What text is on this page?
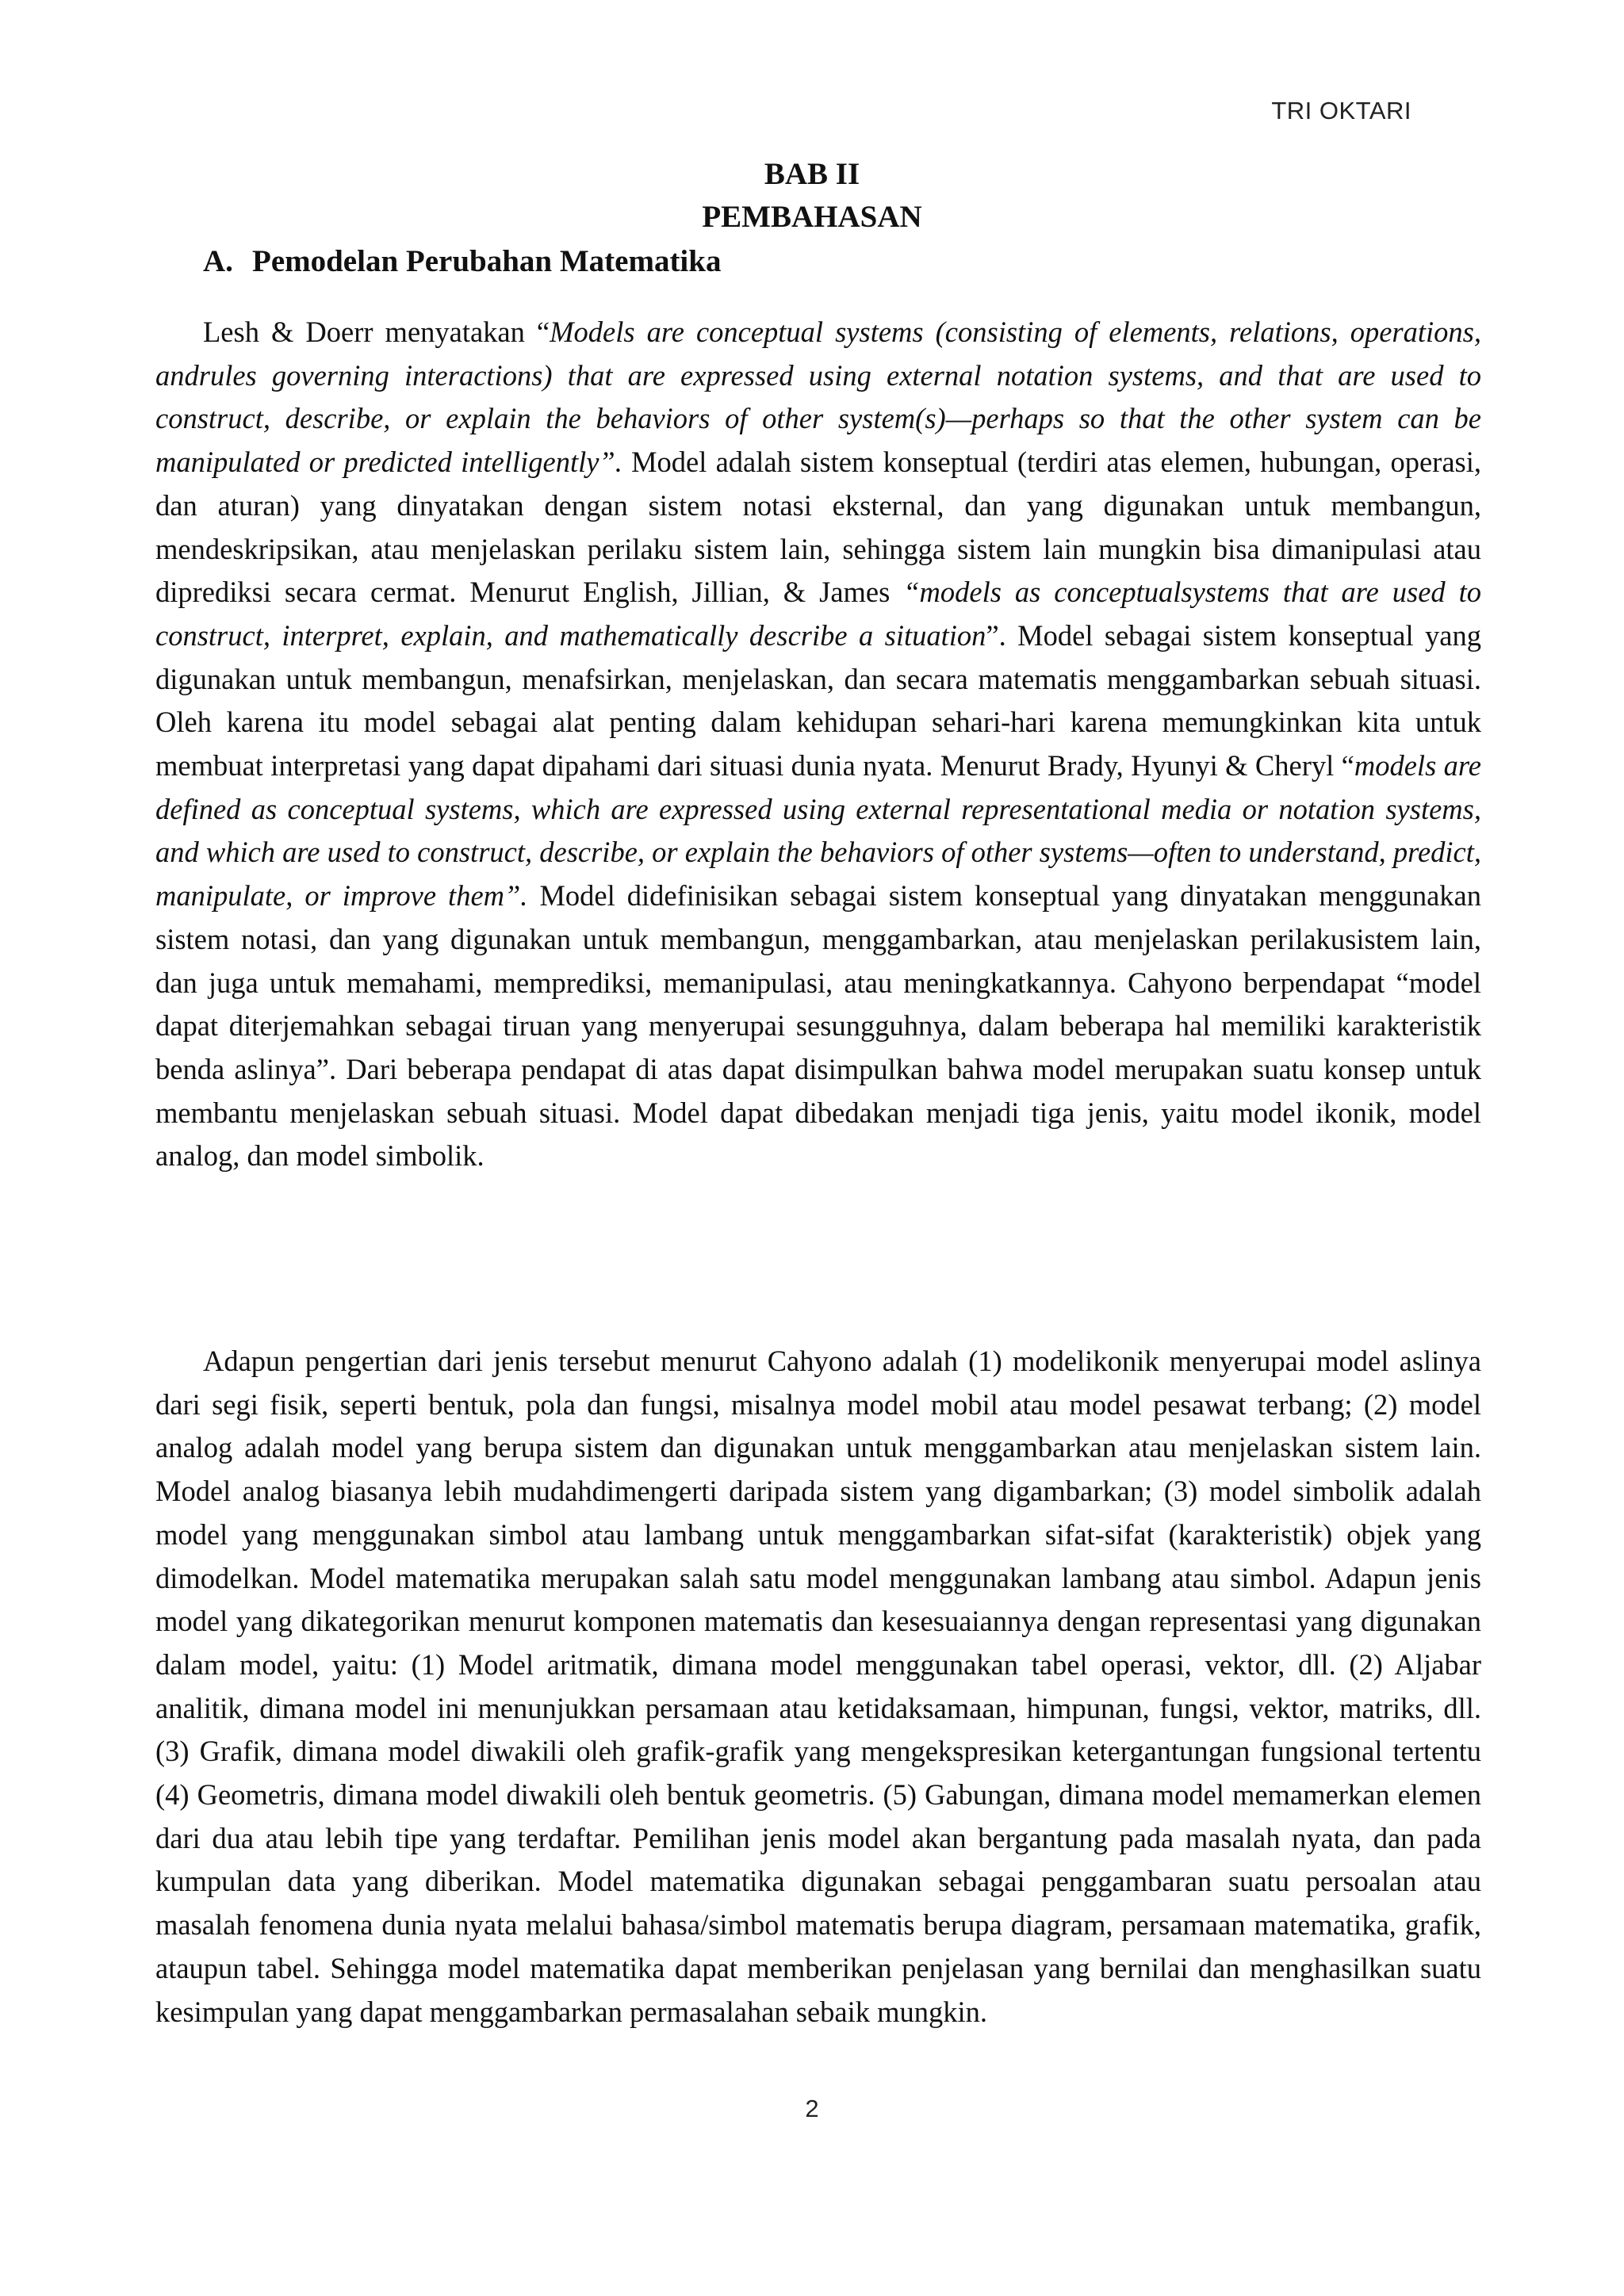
TRI OKTARI
BAB II
PEMBAHASAN
A. Pemodelan Perubahan Matematika

Lesh & Doerr menyatakan “Models are conceptual systems (consisting of elements, relations, operations, andrules governing interactions) that are expressed using external notation systems, and that are used to construct, describe, or explain the behaviors of other system(s)—perhaps so that the other system can be manipulated or predicted intelligently”. Model adalah sistem konseptual (terdiri atas elemen, hubungan, operasi, dan aturan) yang dinyatakan dengan sistem notasi eksternal, dan yang digunakan untuk membangun, mendeskripsikan, atau menjelaskan perilaku sistem lain, sehingga sistem lain mungkin bisa dimanipulasi atau diprediksi secara cermat. Menurut English, Jillian, & James “models as conceptualsystems that are used to construct, interpret, explain, and mathematically describe a situation”. Model sebagai sistem konseptual yang digunakan untuk membangun, menafsirkan, menjelaskan, dan secara matematis menggambarkan sebuah situasi. Oleh karena itu model sebagai alat penting dalam kehidupan sehari-hari karena memungkinkan kita untuk membuat interpretasi yang dapat dipahami dari situasi dunia nyata. Menurut Brady, Hyunyi & Cheryl “models are defined as conceptual systems, which are expressed using external representational media or notation systems, and which are used to construct, describe, or explain the behaviors of other systems—often to understand, predict, manipulate, or improve them”. Model didefinisikan sebagai sistem konseptual yang dinyatakan menggunakan sistem notasi, dan yang digunakan untuk membangun, menggambarkan, atau menjelaskan perilakusistem lain, dan juga untuk memahami, memprediksi, memanipulasi, atau meningkatkannya. Cahyono berpendapat “model dapat diterjemahkan sebagai tiruan yang menyerupai sesungguhnya, dalam beberapa hal memiliki karakteristik benda aslinya”. Dari beberapa pendapat di atas dapat disimpulkan bahwa model merupakan suatu konsep untuk membantu menjelaskan sebuah situasi. Model dapat dibedakan menjadi tiga jenis, yaitu model ikonik, model analog, dan model simbolik.

Adapun pengertian dari jenis tersebut menurut Cahyono adalah (1) modelikonik menyerupai model aslinya dari segi fisik, seperti bentuk, pola dan fungsi, misalnya model mobil atau model pesawat terbang; (2) model analog adalah model yang berupa sistem dan digunakan untuk menggambarkan atau menjelaskan sistem lain. Model analog biasanya lebih mudahdimengerti daripada sistem yang digambarkan; (3) model simbolik adalah model yang menggunakan simbol atau lambang untuk menggambarkan sifat-sifat (karakteristik) objek yang dimodelkan. Model matematika merupakan salah satu model menggunakan lambang atau simbol. Adapun jenis model yang dikategorikan menurut komponen matematis dan kesesuaiannya dengan representasi yang digunakan dalam model, yaitu: (1) Model aritmatik, dimana model menggunakan tabel operasi, vektor, dll. (2) Aljabar analitik, dimana model ini menunjukkan persamaan atau ketidaksamaan, himpunan, fungsi, vektor, matriks, dll. (3) Grafik, dimana model diwakili oleh grafik-grafik yang mengekspresikan ketergantungan fungsional tertentu (4) Geometris, dimana model diwakili oleh bentuk geometris. (5) Gabungan, dimana model memamerkan elemen dari dua atau lebih tipe yang terdaftar. Pemilihan jenis model akan bergantung pada masalah nyata, dan pada kumpulan data yang diberikan. Model matematika digunakan sebagai penggambaran suatu persoalan atau masalah fenomena dunia nyata melalui bahasa/simbol matematis berupa diagram, persamaan matematika, grafik, ataupun tabel. Sehingga model matematika dapat memberikan penjelasan yang bernilai dan menghasilkan suatu kesimpulan yang dapat menggambarkan permasalahan sebaik mungkin.

2
